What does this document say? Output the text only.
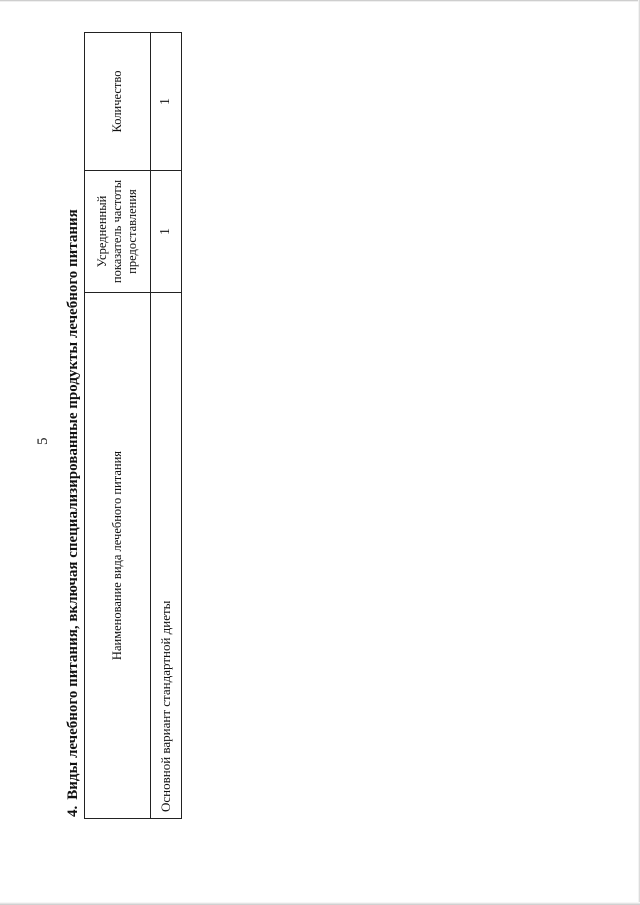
5
4.Виды лечебного питания, включая специализированные продукты лечебного питания Наименование вида лечебного питания	Усредненный показатель частоты предоставления	Количество
Основной вариант стандартной диеты	1	1
